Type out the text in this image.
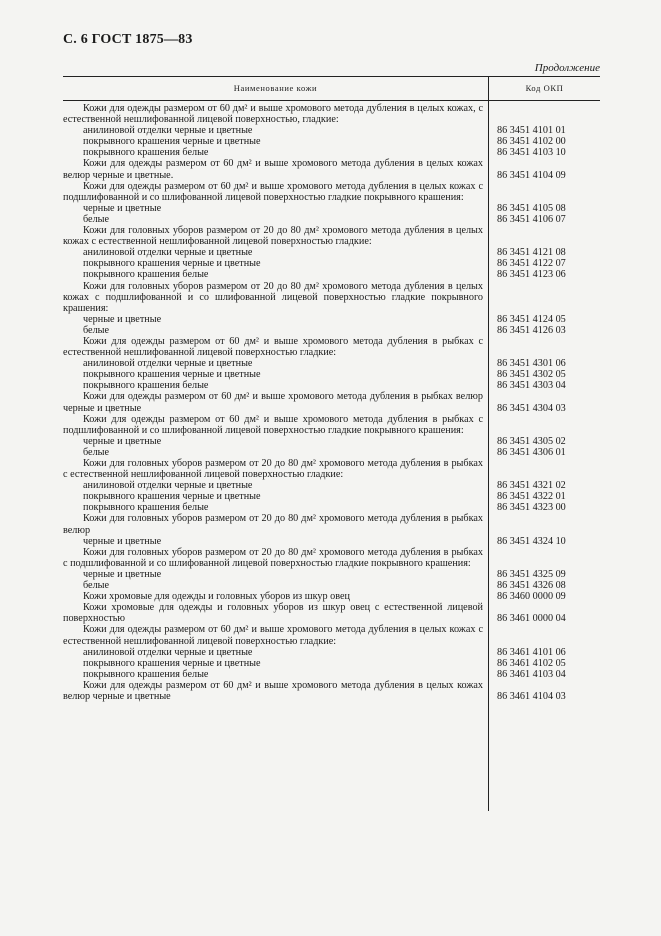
С. 6 ГОСТ 1875—83
Продолжение
Наименование кожи	Код ОКП
Кожи для одежды размером от 60 дм² и выше хромового метода дубления в целых кожах, с естественной нешлифованной лицевой поверхностью, гладкие:
анилиновой отделки черные и цветные	86 3451 4101 01
покрывного крашения черные и цветные	86 3451 4102 00
покрывного крашения белые	86 3451 4103 10
Кожи для одежды размером от 60 дм² и выше хромового метода дубления в целых кожах велюр черные и цветные.	86 3451 4104 09
Кожи для одежды размером от 60 дм² и выше хромового метода дубления в целых кожах с подшлифованной и со шлифованной лицевой поверхностью гладкие покрывного крашения:
черные и цветные	86 3451 4105 08
белые	86 3451 4106 07
Кожи для головных уборов размером от 20 до 80 дм² хромового метода дубления в целых кожах с естественной нешлифованной лицевой поверхностью гладкие:
анилиновой отделки черные и цветные	86 3451 4121 08
покрывного крашения черные и цветные	86 3451 4122 07
покрывного крашения белые	86 3451 4123 06
Кожи для головных уборов размером от 20 до 80 дм² хромового метода дубления в целых кожах с подшлифованной и со шлифованной лицевой поверхностью гладкие покрывного крашения:
черные и цветные	86 3451 4124 05
белые	86 3451 4126 03
Кожи для одежды размером от 60 дм² и выше хромового метода дубления в рыбках с естественной нешлифованной лицевой поверхностью гладкие:
анилиновой отделки черные и цветные	86 3451 4301 06
покрывного крашения черные и цветные	86 3451 4302 05
покрывного крашения белые	86 3451 4303 04
Кожи для одежды размером от 60 дм² и выше хромового метода дубления в рыбках велюр черные и цветные	86 3451 4304 03
Кожи для одежды размером от 60 дм² и выше хромового метода дубления в рыбках с подшлифованной и со шлифованной лицевой поверхностью гладкие покрывного крашения:
черные и цветные	86 3451 4305 02
белые	86 3451 4306 01
Кожи для головных уборов размером от 20 до 80 дм² хромового метода дубления в рыбках с естественной нешлифованной лицевой поверхностью гладкие:
анилиновой отделки черные и цветные	86 3451 4321 02
покрывного крашения черные и цветные	86 3451 4322 01
покрывного крашения белые	86 3451 4323 00
Кожи для головных уборов размером от 20 до 80 дм² хромового метода дубления в рыбках велюр
черные и цветные	86 3451 4324 10
Кожи для головных уборов размером от 20 до 80 дм² хромового метода дубления в рыбках с подшлифованной и со шлифованной лицевой поверхностью гладкие покрывного крашения:
черные и цветные	86 3451 4325 09
белые	86 3451 4326 08
Кожи хромовые для одежды и головных уборов из шкур овец	86 3460 0000 09
Кожи хромовые для одежды и головных уборов из шкур овец с естественной лицевой поверхностью	86 3461 0000 04
Кожи для одежды размером от 60 дм² и выше хромового метода дубления в целых кожах с естественной нешлифованной лицевой поверхностью гладкие:
анилиновой отделки черные и цветные	86 3461 4101 06
покрывного крашения черные и цветные	86 3461 4102 05
покрывного крашения белые	86 3461 4103 04
Кожи для одежды размером от 60 дм² и выше хромового метода дубления в целых кожах велюр черные и цветные	86 3461 4104 03
